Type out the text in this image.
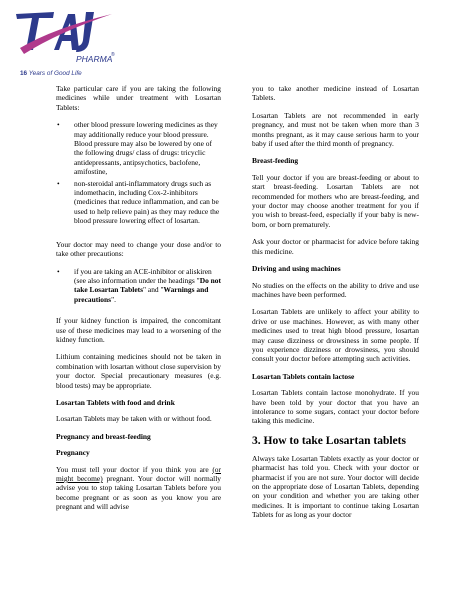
PHARMA
®
16 Years of Good Life

Take particular care if you are taking the following medicines while under treatment with Losartan Tablets:

• other blood pressure lowering medicines as they may additionally reduce your blood pressure.
Blood pressure may also be lowered by one of the following drugs/ class of drugs: tricyclic antidepressants, antipsychotics, baclofene, amifostine,
• non-steroidal anti-inflammatory drugs such as indomethacin, including Cox-2-inhibitors (medicines that reduce inflammation, and can be used to help relieve pain) as they may reduce the blood pressure lowering effect of losartan.

Your doctor may need to change your dose and/or to take other precautions:

• if you are taking an ACE-inhibitor or aliskiren (see also information under the headings "Do not take Losartan Tablets" and "Warnings and precautions".

If your kidney function is impaired, the concomitant use of these medicines may lead to a worsening of the kidney function.

Lithium containing medicines should not be taken in combination with losartan without close supervision by your doctor. Special precautionary measures (e.g. blood tests) may be appropriate.

Losartan Tablets with food and drink

Losartan Tablets may be taken with or without food.

Pregnancy and breast-feeding
Pregnancy

You must tell your doctor if you think you are (or might become) pregnant. Your doctor will normally advise you to stop taking Losartan Tablets before you become pregnant or as soon as you know you are pregnant and will advise

you to take another medicine instead of Losartan Tablets.

Losartan Tablets are not recommended in early pregnancy, and must not be taken when more than 3 months pregnant, as it may cause serious harm to your baby if used after the third month of pregnancy.

Breast-feeding

Tell your doctor if you are breast-feeding or about to start breast-feeding. Losartan Tablets are not recommended for mothers who are breast-feeding, and your doctor may choose another treatment for you if you wish to breast-feed, especially if your baby is new-born, or born prematurely.

Ask your doctor or pharmacist for advice before taking this medicine.

Driving and using machines

No studies on the effects on the ability to drive and use machines have been performed.

Losartan Tablets are unlikely to affect your ability to drive or use machines. However, as with many other medicines used to treat high blood pressure, losartan may cause dizziness or drowsiness in some people. If you experience dizziness or drowsiness, you should consult your doctor before attempting such activities.

Losartan Tablets contain lactose

Losartan Tablets contain lactose monohydrate. If you have been told by your doctor that you have an intolerance to some sugars, contact your doctor before taking this medicine.

3. How to take Losartan tablets

Always take Losartan Tablets exactly as your doctor or pharmacist has told you. Check with your doctor or pharmacist if you are not sure. Your doctor will decide on the appropriate dose of Losartan Tablets, depending on your condition and whether you are taking other medicines. It is important to continue taking Losartan Tablets for as long as your doctor
